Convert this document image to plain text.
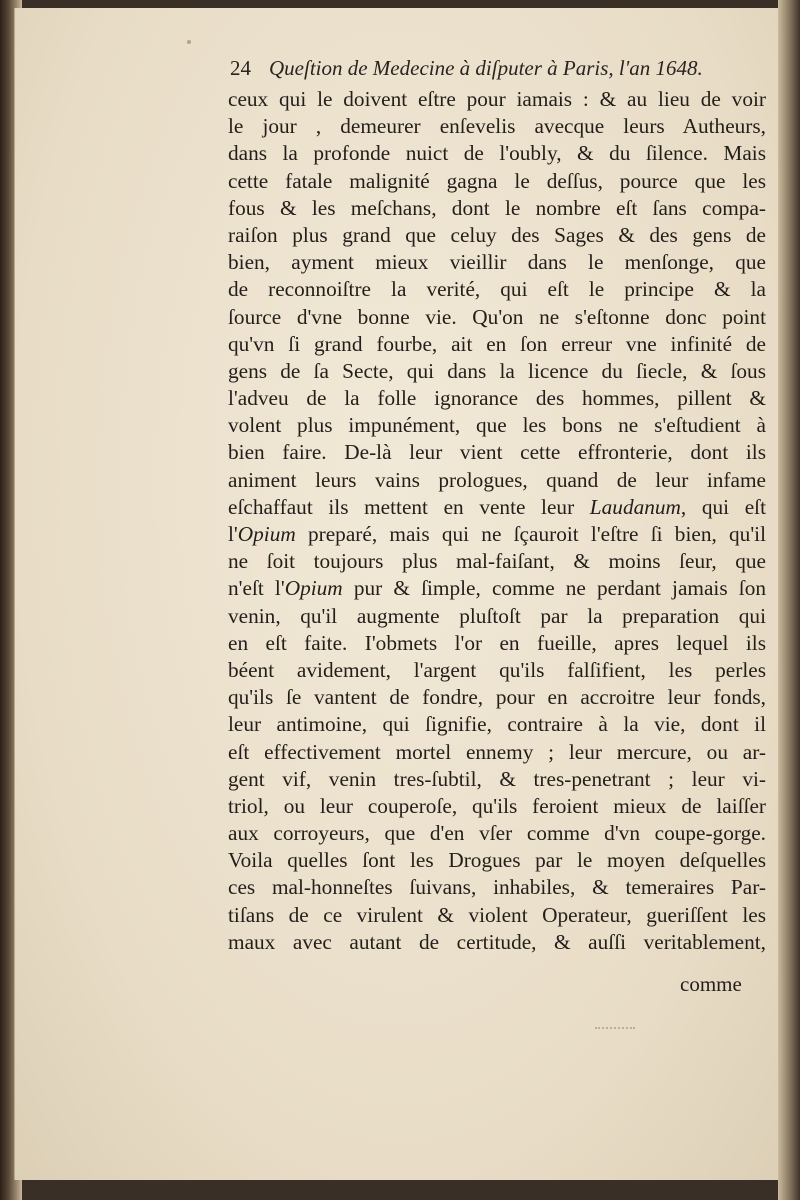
24 Queſtion de Medecine à diſputer à Paris, l'an 1648.
ceux qui le doivent eſtre pour iamais : & au lieu de voir
le jour , demeurer enſevelis avecque leurs Autheurs,
dans la profonde nuict de l'oubly, & du ſilence. Mais
cette fatale malignité gagna le deſſus, pource que les
fous & les meſchans, dont le nombre eſt ſans compa-
raiſon plus grand que celuy des Sages & des gens de
bien, ayment mieux vieillir dans le menſonge, que
de reconnoiſtre la verité, qui eſt le principe & la
ſource d'vne bonne vie. Qu'on ne s'eſtonne donc point
qu'vn ſi grand fourbe, ait en ſon erreur vne infinité de
gens de ſa Secte, qui dans la licence du ſiecle, & ſous
l'adveu de la folle ignorance des hommes, pillent &
volent plus impunément, que les bons ne s'eſtudient à
bien faire. De-là leur vient cette effronterie, dont ils
animent leurs vains prologues, quand de leur infame
eſchaffaut ils mettent en vente leur Laudanum, qui eſt
l'Opium preparé, mais qui ne ſçauroit l'eſtre ſi bien, qu'il
ne ſoit toujours plus mal-faiſant, & moins ſeur, que
n'eſt l'Opium pur & ſimple, comme ne perdant jamais ſon
venin, qu'il augmente pluſtoſt par la preparation qui
en eſt faite. I'obmets l'or en fueille, apres lequel ils
béent avidement, l'argent qu'ils falſifient, les perles
qu'ils ſe vantent de fondre, pour en accroitre leur fonds,
leur antimoine, qui ſignifie, contraire à la vie, dont il
eſt effectivement mortel ennemy ; leur mercure, ou ar-
gent vif, venin tres-ſubtil, & tres-penetrant ; leur vi-
triol, ou leur couperoſe, qu'ils feroient mieux de laiſſer
aux corroyeurs, que d'en vſer comme d'vn coupe-gorge.
Voila quelles ſont les Drogues par le moyen deſquelles
ces mal-honneſtes ſuivans, inhabiles, & temeraires Par-
tiſans de ce virulent & violent Operateur, gueriſſent les
maux avec autant de certitude, & auſſi veritablement,
comme
